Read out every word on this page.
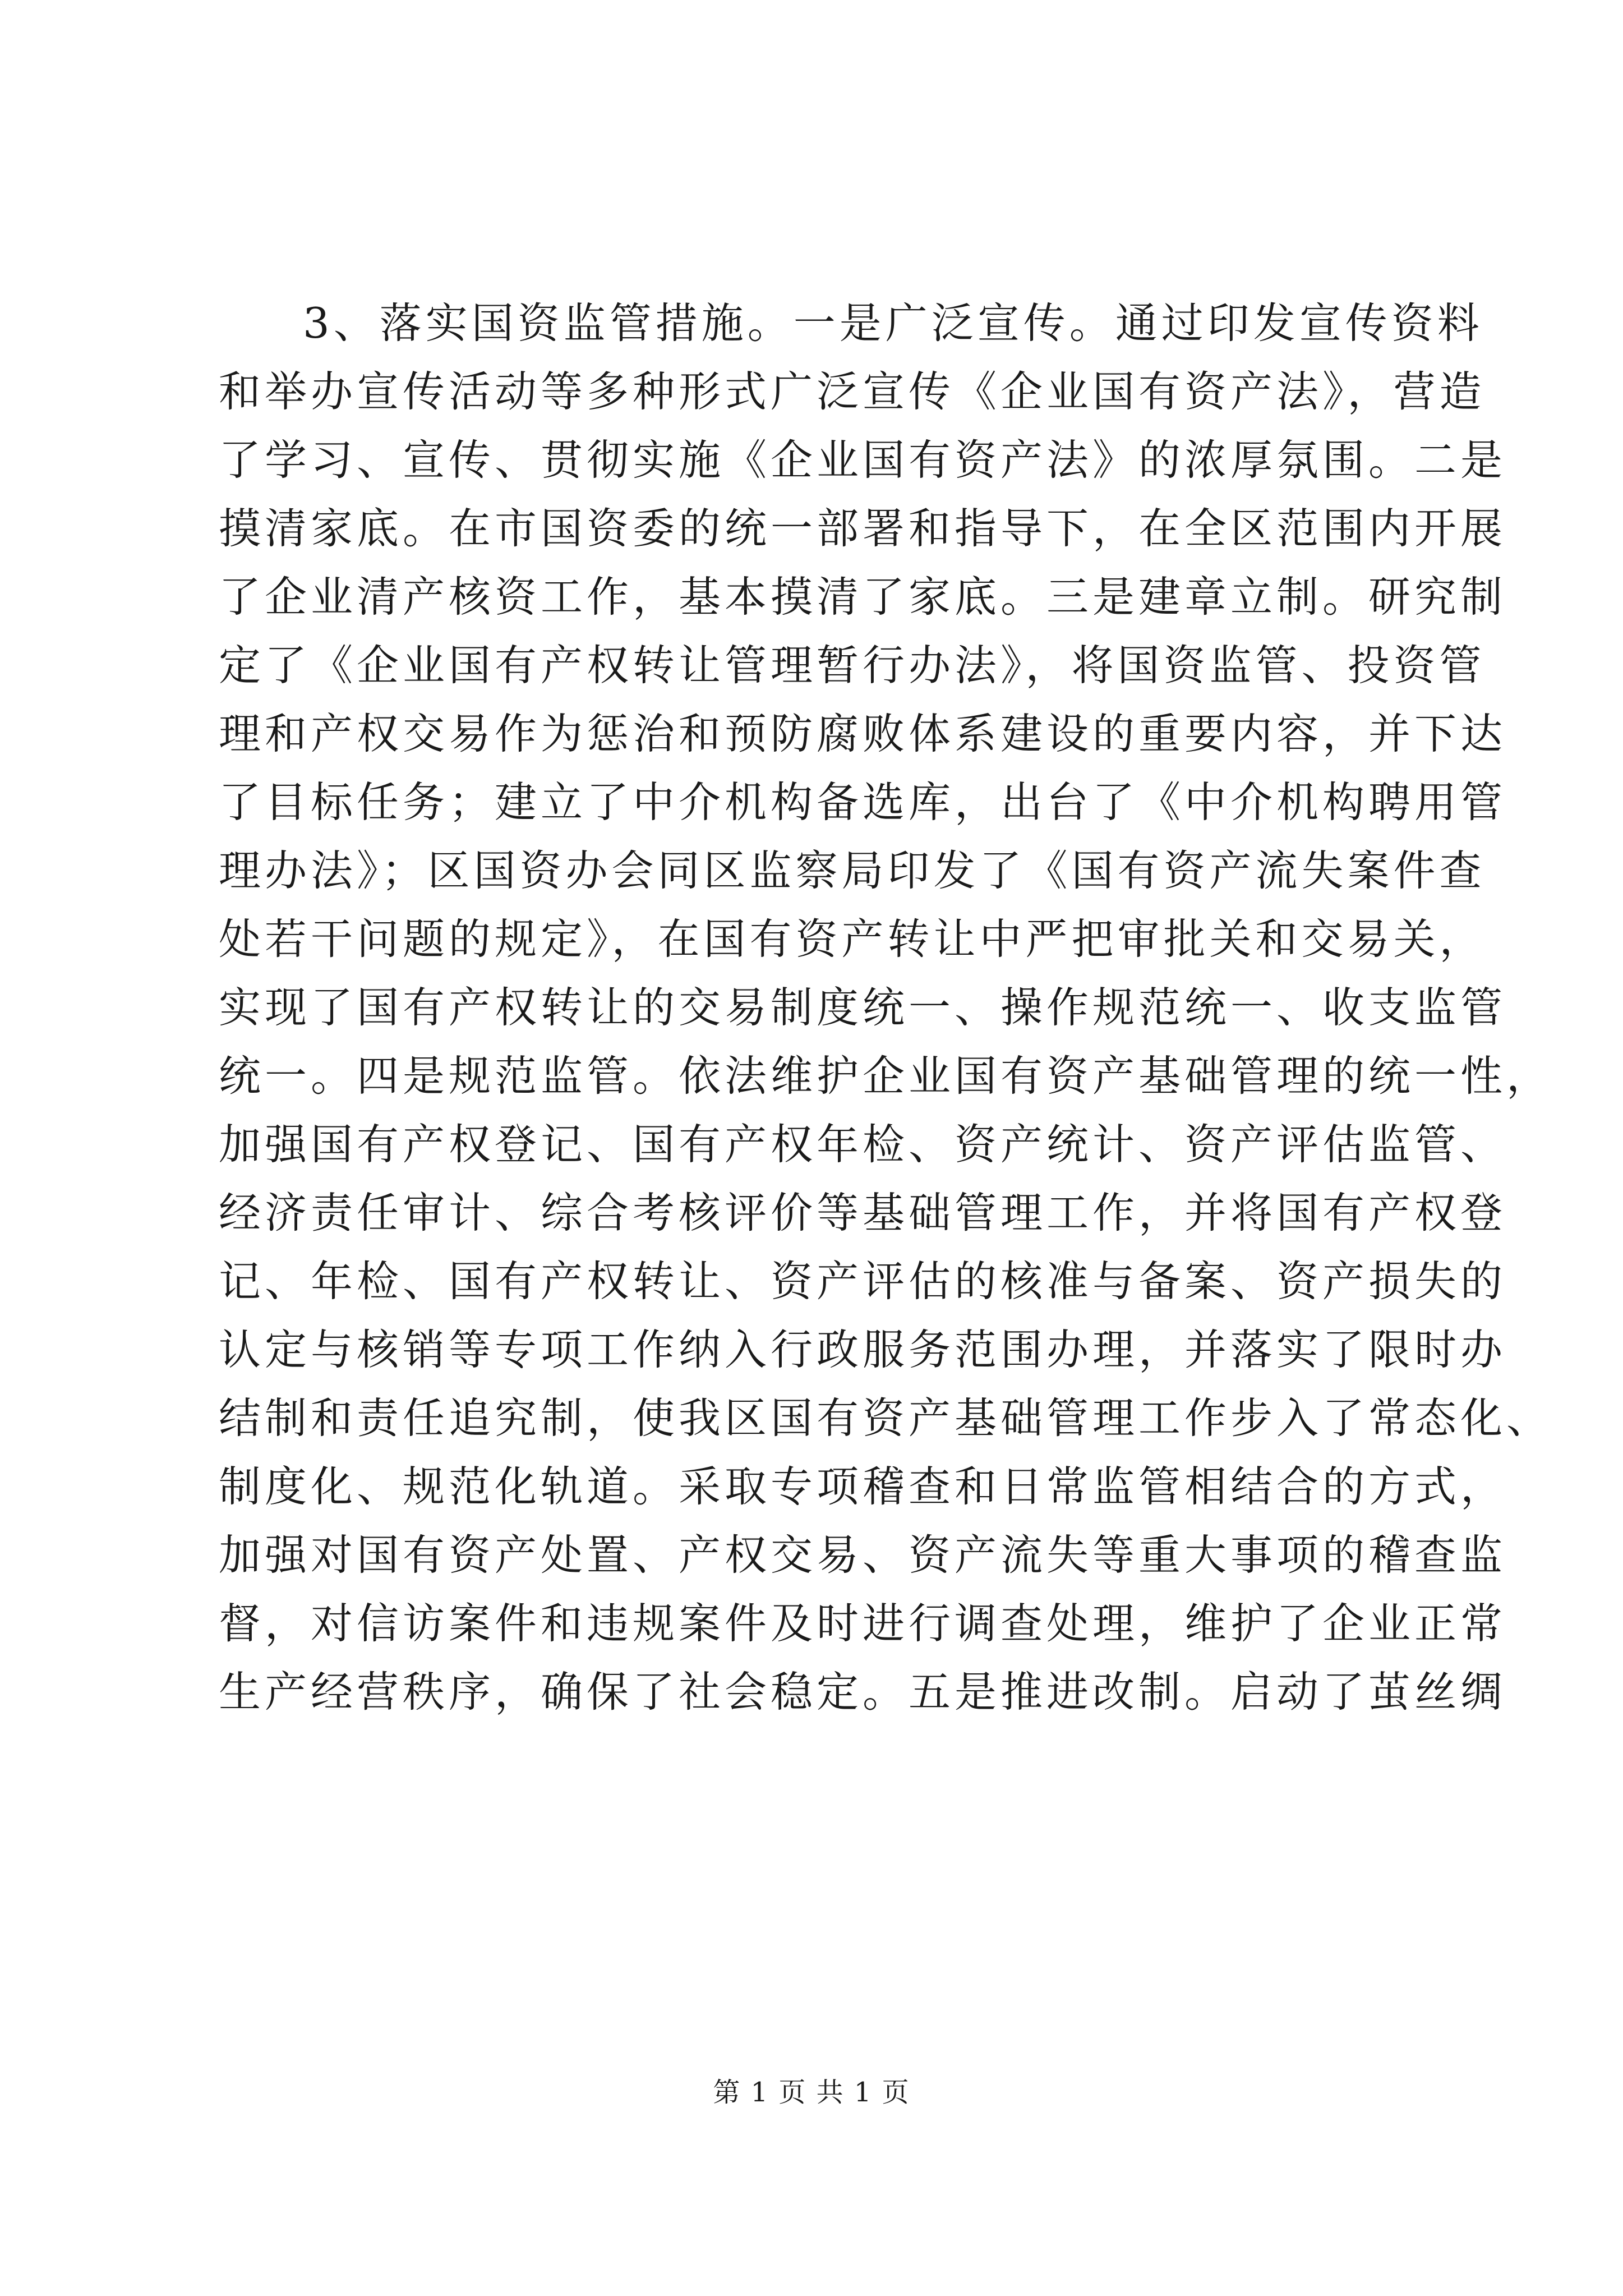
3、落实国资监管措施。一是广泛宣传。通过印发宣传资料
和举办宣传活动等多种形式广泛宣传《企业国有资产法》，营造
了学习、宣传、贯彻实施《企业国有资产法》的浓厚氛围。二是
摸清家底。在市国资委的统一部署和指导下，在全区范围内开展
了企业清产核资工作，基本摸清了家底。三是建章立制。研究制
定了《企业国有产权转让管理暂行办法》，将国资监管、投资管
理和产权交易作为惩治和预防腐败体系建设的重要内容，并下达
了目标任务；建立了中介机构备选库，出台了《中介机构聘用管
理办法》；区国资办会同区监察局印发了《国有资产流失案件查
处若干问题的规定》，在国有资产转让中严把审批关和交易关，
实现了国有产权转让的交易制度统一、操作规范统一、收支监管
统一。四是规范监管。依法维护企业国有资产基础管理的统一性，
加强国有产权登记、国有产权年检、资产统计、资产评估监管、
经济责任审计、综合考核评价等基础管理工作，并将国有产权登
记、年检、国有产权转让、资产评估的核准与备案、资产损失的
认定与核销等专项工作纳入行政服务范围办理，并落实了限时办
结制和责任追究制，使我区国有资产基础管理工作步入了常态化、
制度化、规范化轨道。采取专项稽查和日常监管相结合的方式，
加强对国有资产处置、产权交易、资产流失等重大事项的稽查监
督，对信访案件和违规案件及时进行调查处理，维护了企业正常
生产经营秩序，确保了社会稳定。五是推进改制。启动了茧丝绸
第 1 页 共 1 页
